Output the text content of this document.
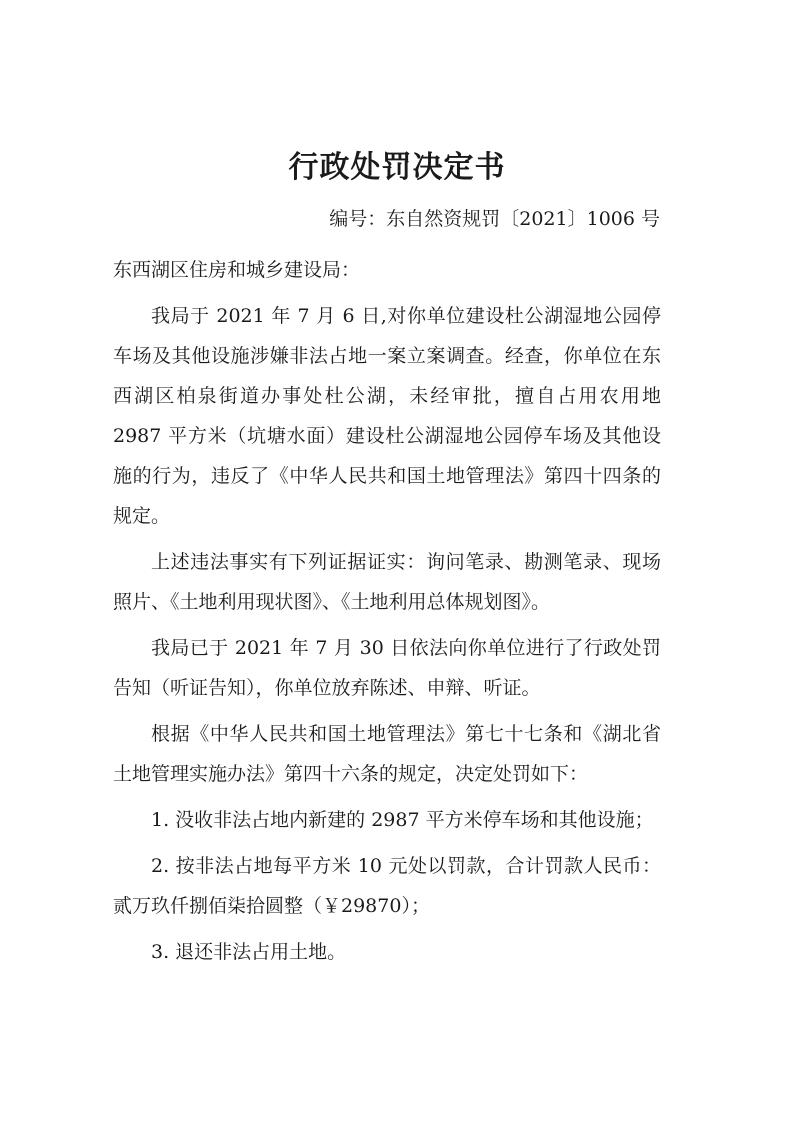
行政处罚决定书
编号：东自然资规罚〔2021〕1006 号

东西湖区住房和城乡建设局：

我局于 2021 年 7 月 6 日,对你单位建设杜公湖湿地公园停车场及其他设施涉嫌非法占地一案立案调查。经查，你单位在东西湖区柏泉街道办事处杜公湖，未经审批，擅自占用农用地 2987 平方米（坑塘水面）建设杜公湖湿地公园停车场及其他设施的行为，违反了《中华人民共和国土地管理法》第四十四条的规定。

上述违法事实有下列证据证实：询问笔录、勘测笔录、现场照片、《土地利用现状图》、《土地利用总体规划图》。

我局已于 2021 年 7 月 30 日依法向你单位进行了行政处罚告知（听证告知），你单位放弃陈述、申辩、听证。

根据《中华人民共和国土地管理法》第七十七条和《湖北省土地管理实施办法》第四十六条的规定，决定处罚如下：

1. 没收非法占地内新建的 2987 平方米停车场和其他设施；

2. 按非法占地每平方米 10 元处以罚款，合计罚款人民币：贰万玖仟捌佰柒拾圆整（￥29870）；

3. 退还非法占用土地。
